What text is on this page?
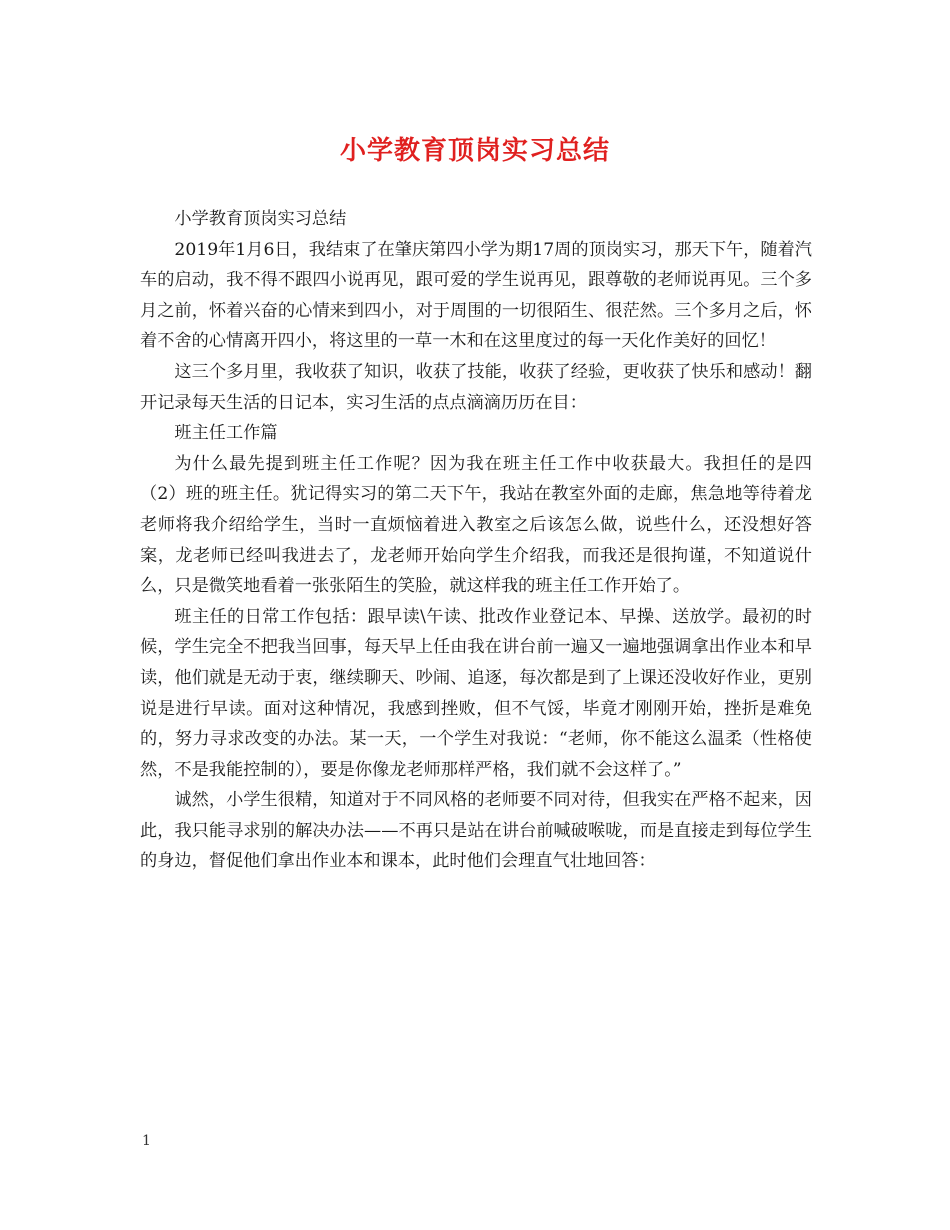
小学教育顶岗实习总结

小学教育顶岗实习总结

2019年1月6日，我结束了在肇庆第四小学为期17周的顶岗实习，那天下午，随着汽车的启动，我不得不跟四小说再见，跟可爱的学生说再见，跟尊敬的老师说再见。三个多月之前，怀着兴奋的心情来到四小，对于周围的一切很陌生、很茫然。三个多月之后，怀着不舍的心情离开四小，将这里的一草一木和在这里度过的每一天化作美好的回忆！

这三个多月里，我收获了知识，收获了技能，收获了经验，更收获了快乐和感动！翻开记录每天生活的日记本，实习生活的点点滴滴历历在目：

班主任工作篇

为什么最先提到班主任工作呢？因为我在班主任工作中收获最大。我担任的是四（2）班的班主任。犹记得实习的第二天下午，我站在教室外面的走廊，焦急地等待着龙老师将我介绍给学生，当时一直烦恼着进入教室之后该怎么做，说些什么，还没想好答案，龙老师已经叫我进去了，龙老师开始向学生介绍我，而我还是很拘谨，不知道说什么，只是微笑地看着一张张陌生的笑脸，就这样我的班主任工作开始了。

班主任的日常工作包括：跟早读\午读、批改作业登记本、早操、送放学。最初的时候，学生完全不把我当回事，每天早上任由我在讲台前一遍又一遍地强调拿出作业本和早读，他们就是无动于衷，继续聊天、吵闹、追逐，每次都是到了上课还没收好作业，更别说是进行早读。面对这种情况，我感到挫败，但不气馁，毕竟才刚刚开始，挫折是难免的，努力寻求改变的办法。某一天，一个学生对我说：“老师，你不能这么温柔（性格使然，不是我能控制的），要是你像龙老师那样严格，我们就不会这样了。”

诚然，小学生很精，知道对于不同风格的老师要不同对待，但我实在严格不起来，因此，我只能寻求别的解决办法——不再只是站在讲台前喊破喉咙，而是直接走到每位学生的身边，督促他们拿出作业本和课本，此时他们会理直气壮地回答：

1
